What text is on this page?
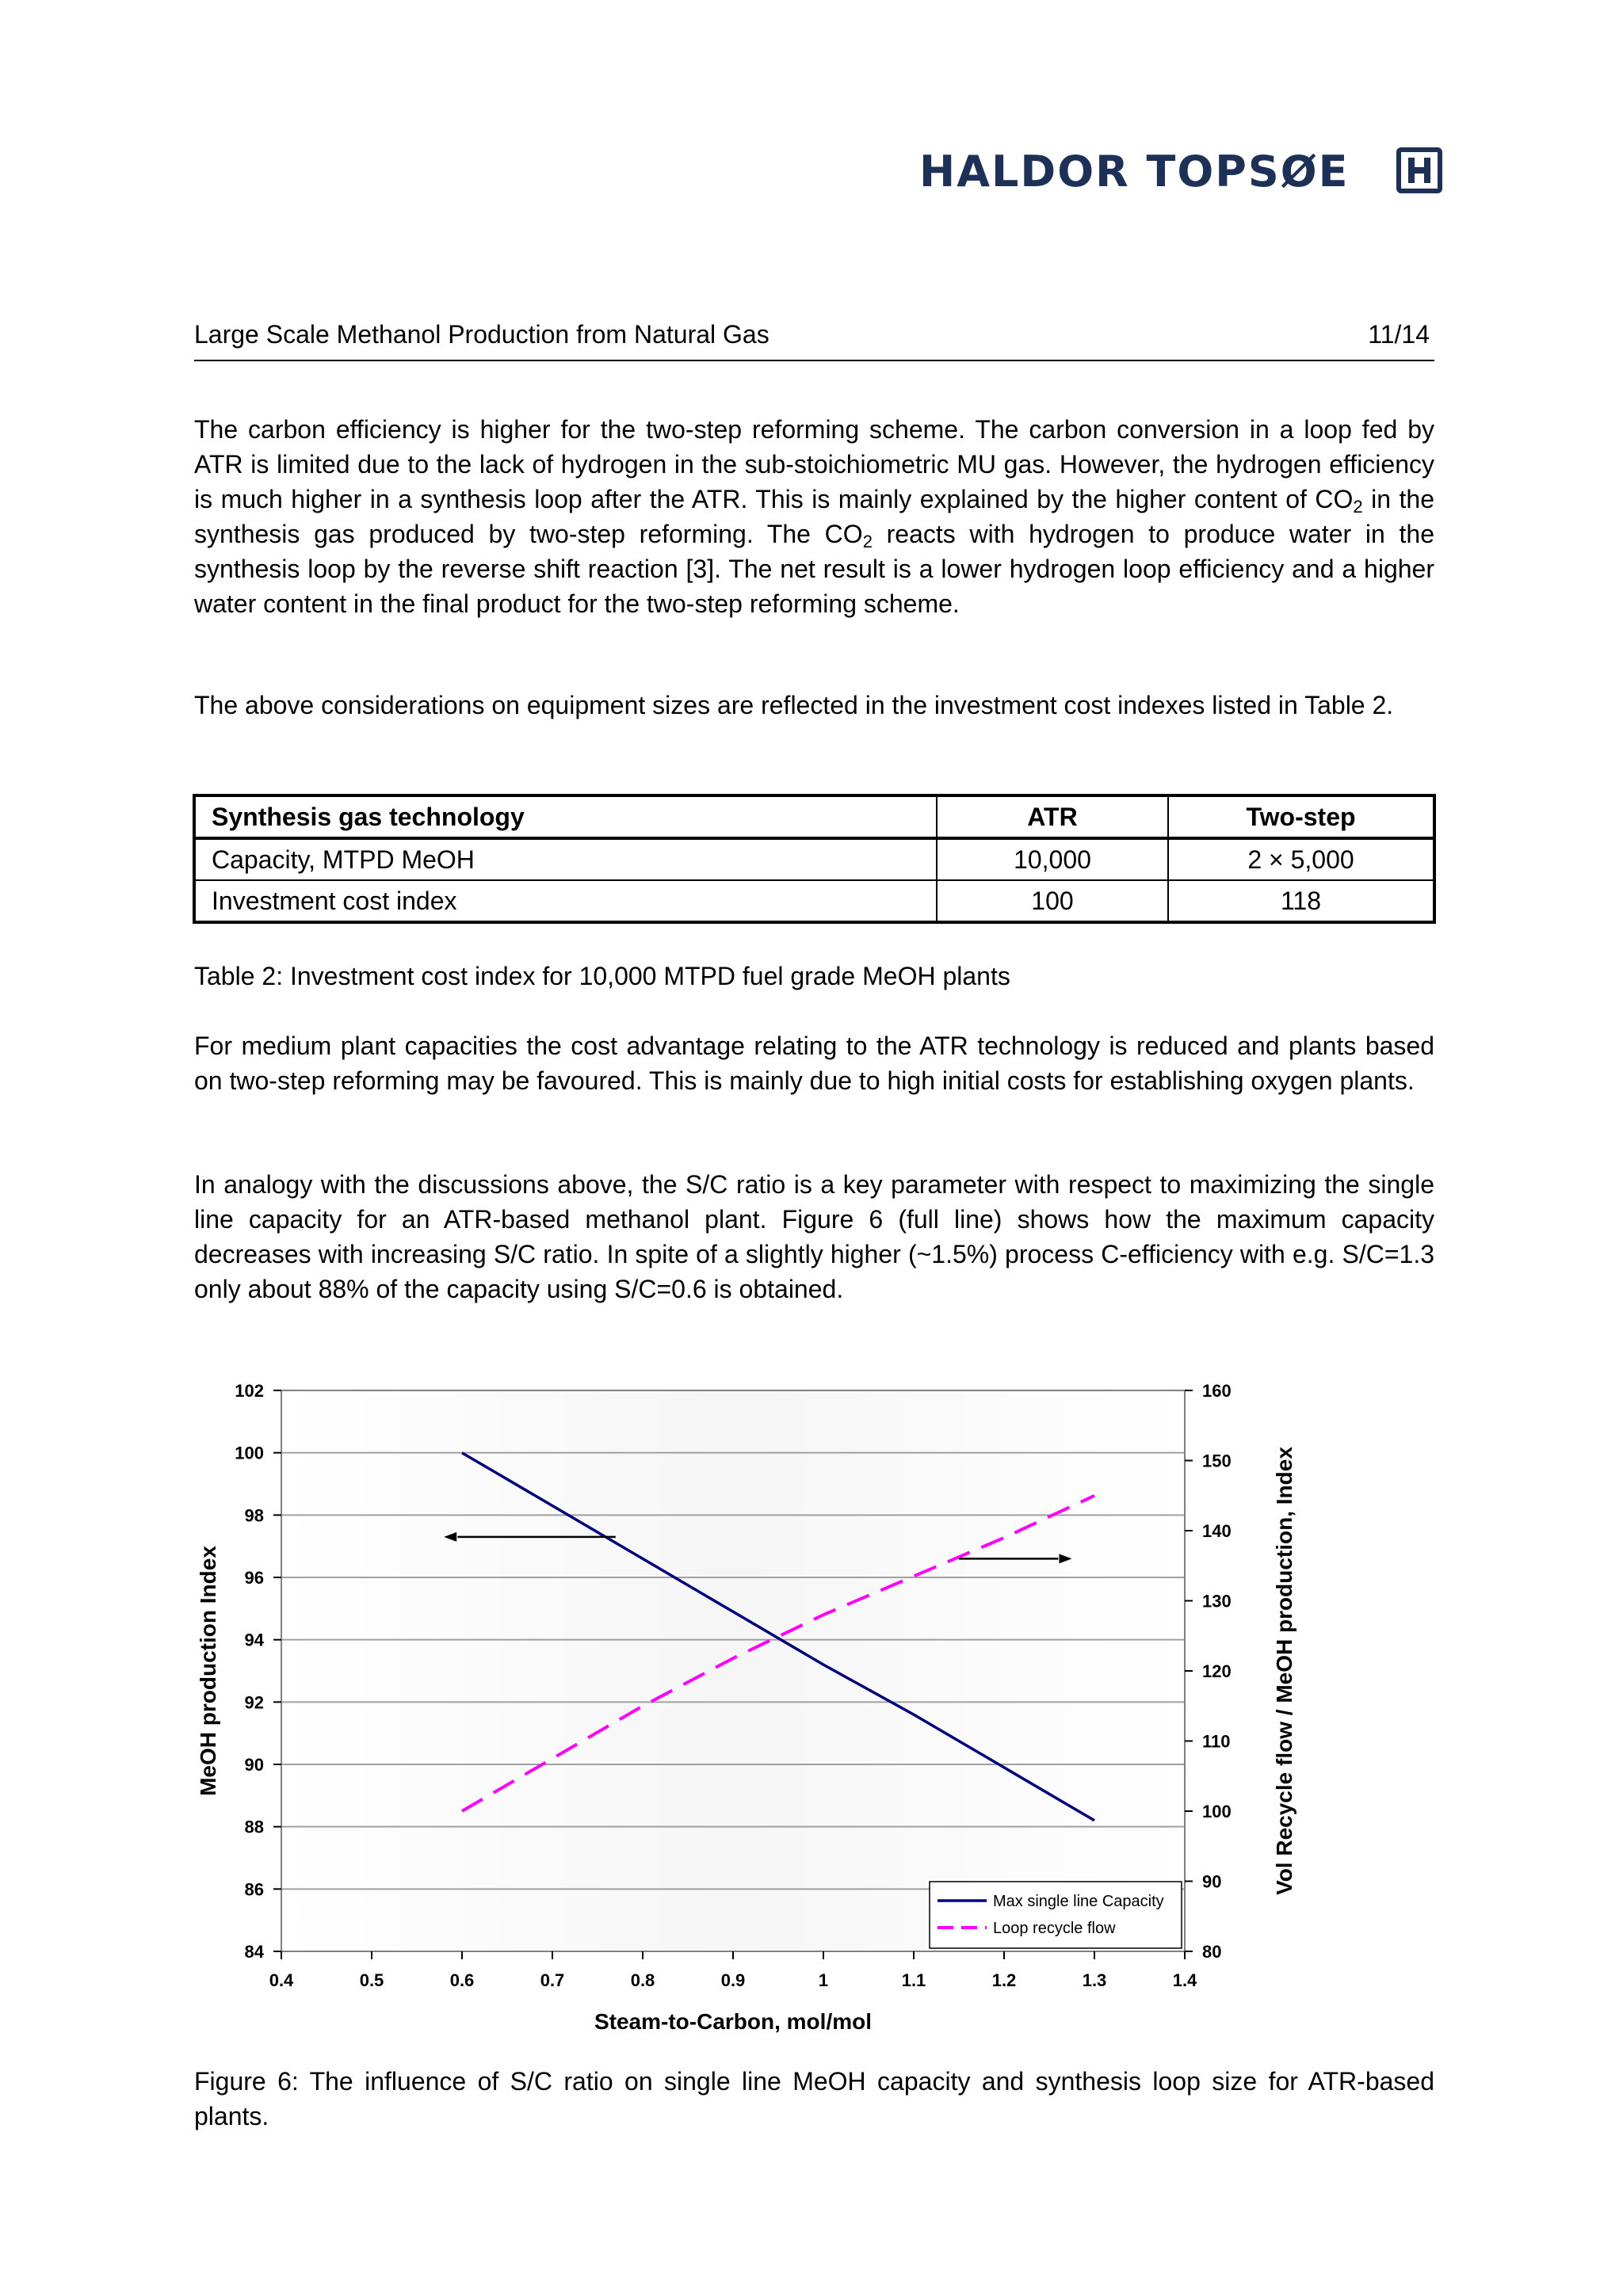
HALDOR TOPSØE
Large Scale Methanol Production from Natural Gas	11/14

The carbon efficiency is higher for the two-step reforming scheme. The carbon conversion in a loop fed by ATR is limited due to the lack of hydrogen in the sub-stoichiometric MU gas. However, the hydrogen efficiency is much higher in a synthesis loop after the ATR. This is mainly explained by the higher content of $CO_2$ in the synthesis gas produced by two-step reforming. The $CO_2$ reacts with hydrogen to produce water in the synthesis loop by the reverse shift reaction [3]. The net result is a lower hydrogen loop efficiency and a higher water content in the final product for the two-step reforming scheme.

The above considerations on equipment sizes are reflected in the investment cost indexes listed in Table 2.

Synthesis gas technology	ATR	Two-step
Capacity, MTPD MeOH	10,000	2 × 5,000
Investment cost index	100	118

Table 2: Investment cost index for 10,000 MTPD fuel grade MeOH plants

For medium plant capacities the cost advantage relating to the ATR technology is reduced and plants based on two-step reforming may be favoured. This is mainly due to high initial costs for establishing oxygen plants.

In analogy with the discussions above, the S/C ratio is a key parameter with respect to maximizing the single line capacity for an ATR-based methanol plant. Figure 6 (full line) shows how the maximum capacity decreases with increasing S/C ratio. In spite of a slightly higher (~1.5%) process C-efficiency with e.g. S/C=1.3 only about 88% of the capacity using S/C=0.6 is obtained.

84
86
88
90
92
94
96
98
100
102
80
90
100
110
120
130
140
150
160
0.4	0.5	0.6	0.7	0.8	0.9	1	1.1	1.2	1.3	1.4
Steam-to-Carbon, mol/mol
MeOH production Index	Vol Recycle flow / MeOH production, Index
Max single line Capacity
Loop recycle flow

Figure 6: The influence of S/C ratio on single line MeOH capacity and synthesis loop size for ATR-based plants.
